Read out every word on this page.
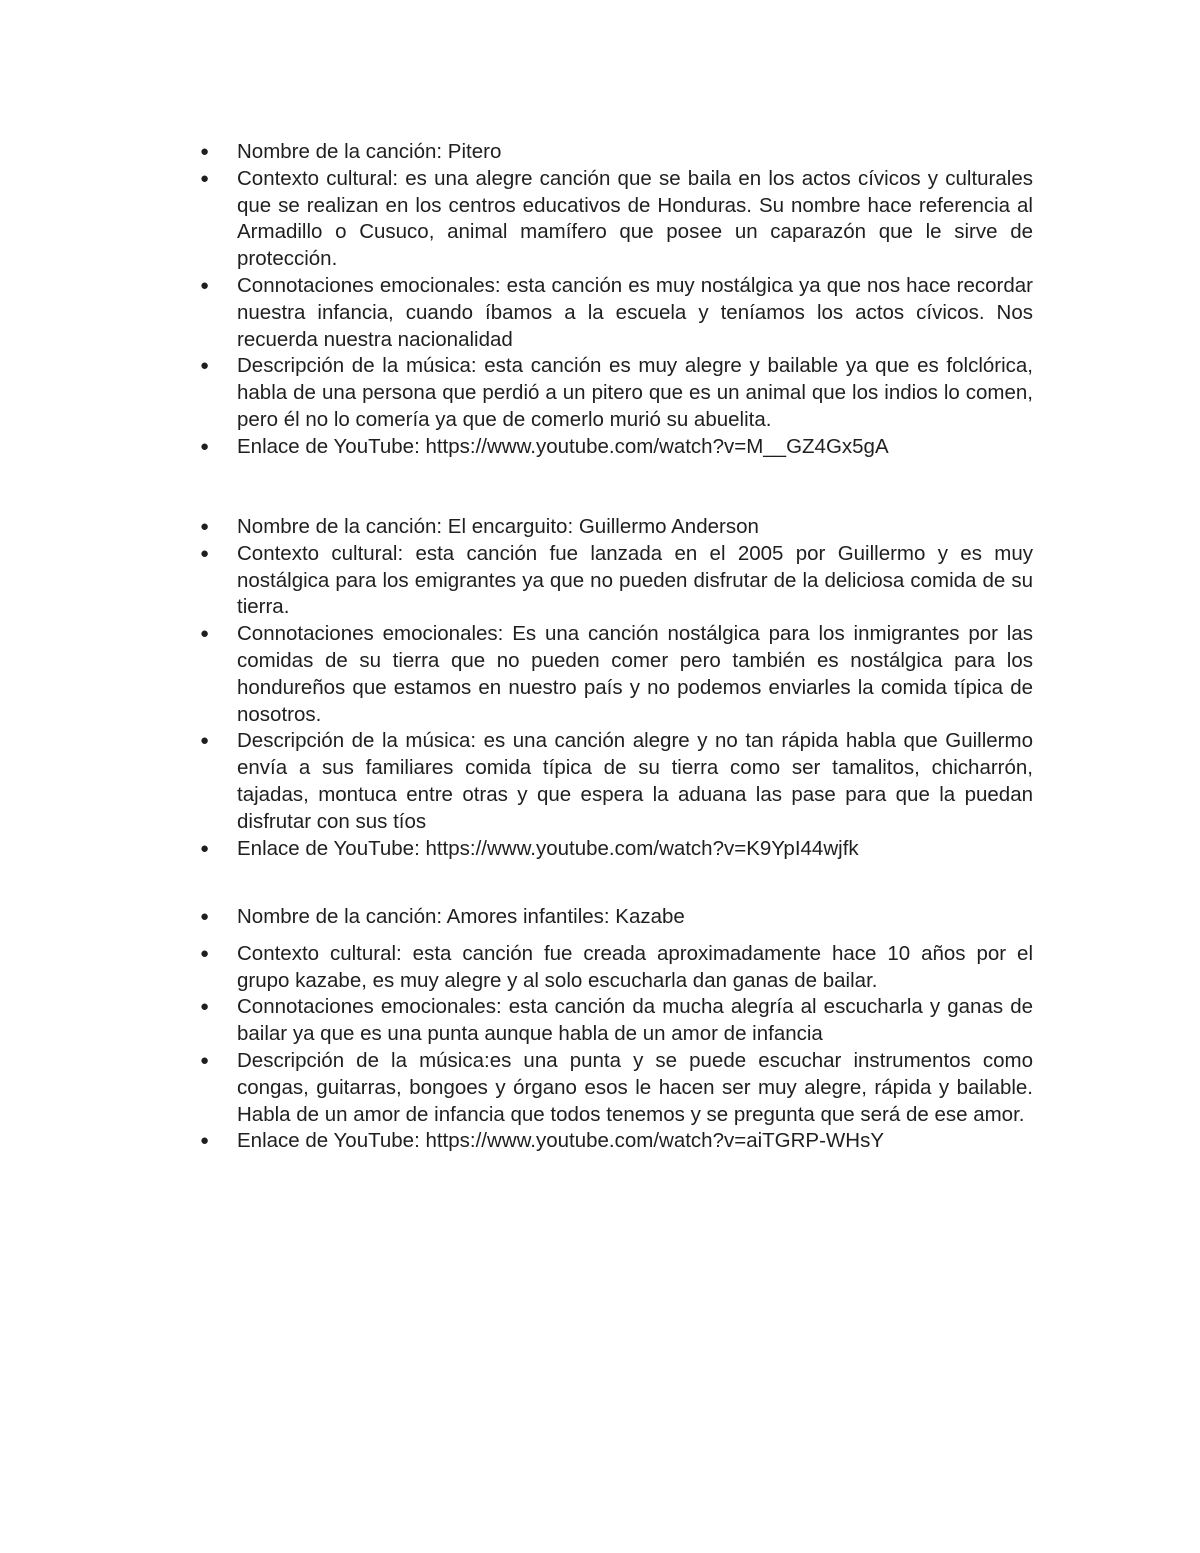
● Nombre de la canción: Pitero
● Contexto cultural: es una alegre canción que se baila en los actos cívicos y culturales que se realizan en los centros educativos de Honduras. Su nombre hace referencia al Armadillo o Cusuco, animal mamífero que posee un caparazón que le sirve de protección.
● Connotaciones emocionales: esta canción es muy nostálgica ya que nos hace recordar nuestra infancia, cuando íbamos a la escuela y teníamos los actos cívicos. Nos recuerda nuestra nacionalidad
● Descripción de la música: esta canción es muy alegre y bailable ya que es folclórica, habla de una persona que perdió a un pitero que es un animal que los indios lo comen, pero él no lo comería ya que de comerlo murió su abuelita.
● Enlace de YouTube: https://www.youtube.com/watch?v=M__GZ4Gx5gA
● Nombre de la canción: El encarguito: Guillermo Anderson
● Contexto cultural: esta canción fue lanzada en el 2005 por Guillermo y es muy nostálgica para los emigrantes ya que no pueden disfrutar de la deliciosa comida de su tierra.
● Connotaciones emocionales: Es una canción nostálgica para los inmigrantes por las comidas de su tierra que no pueden comer pero también es nostálgica para los hondureños que estamos en nuestro país y no podemos enviarles la comida típica de nosotros.
● Descripción de la música: es una canción alegre y no tan rápida habla que Guillermo envía a sus familiares comida típica de su tierra como ser tamalitos, chicharrón, tajadas, montuca entre otras y que espera la aduana las pase para que la puedan disfrutar con sus tíos
● Enlace de YouTube: https://www.youtube.com/watch?v=K9YpI44wjfk
● Nombre de la canción: Amores infantiles: Kazabe
● Contexto cultural: esta canción fue creada aproximadamente hace 10 años por el grupo kazabe, es muy alegre y al solo escucharla dan ganas de bailar.
● Connotaciones emocionales: esta canción da mucha alegría al escucharla y ganas de bailar ya que es una punta aunque habla de un amor de infancia
● Descripción de la música:es una punta y se puede escuchar instrumentos como congas, guitarras, bongoes y órgano esos le hacen ser muy alegre, rápida y bailable. Habla de un amor de infancia que todos tenemos y se pregunta que será de ese amor.
● Enlace de YouTube: https://www.youtube.com/watch?v=aiTGRP-WHsY
